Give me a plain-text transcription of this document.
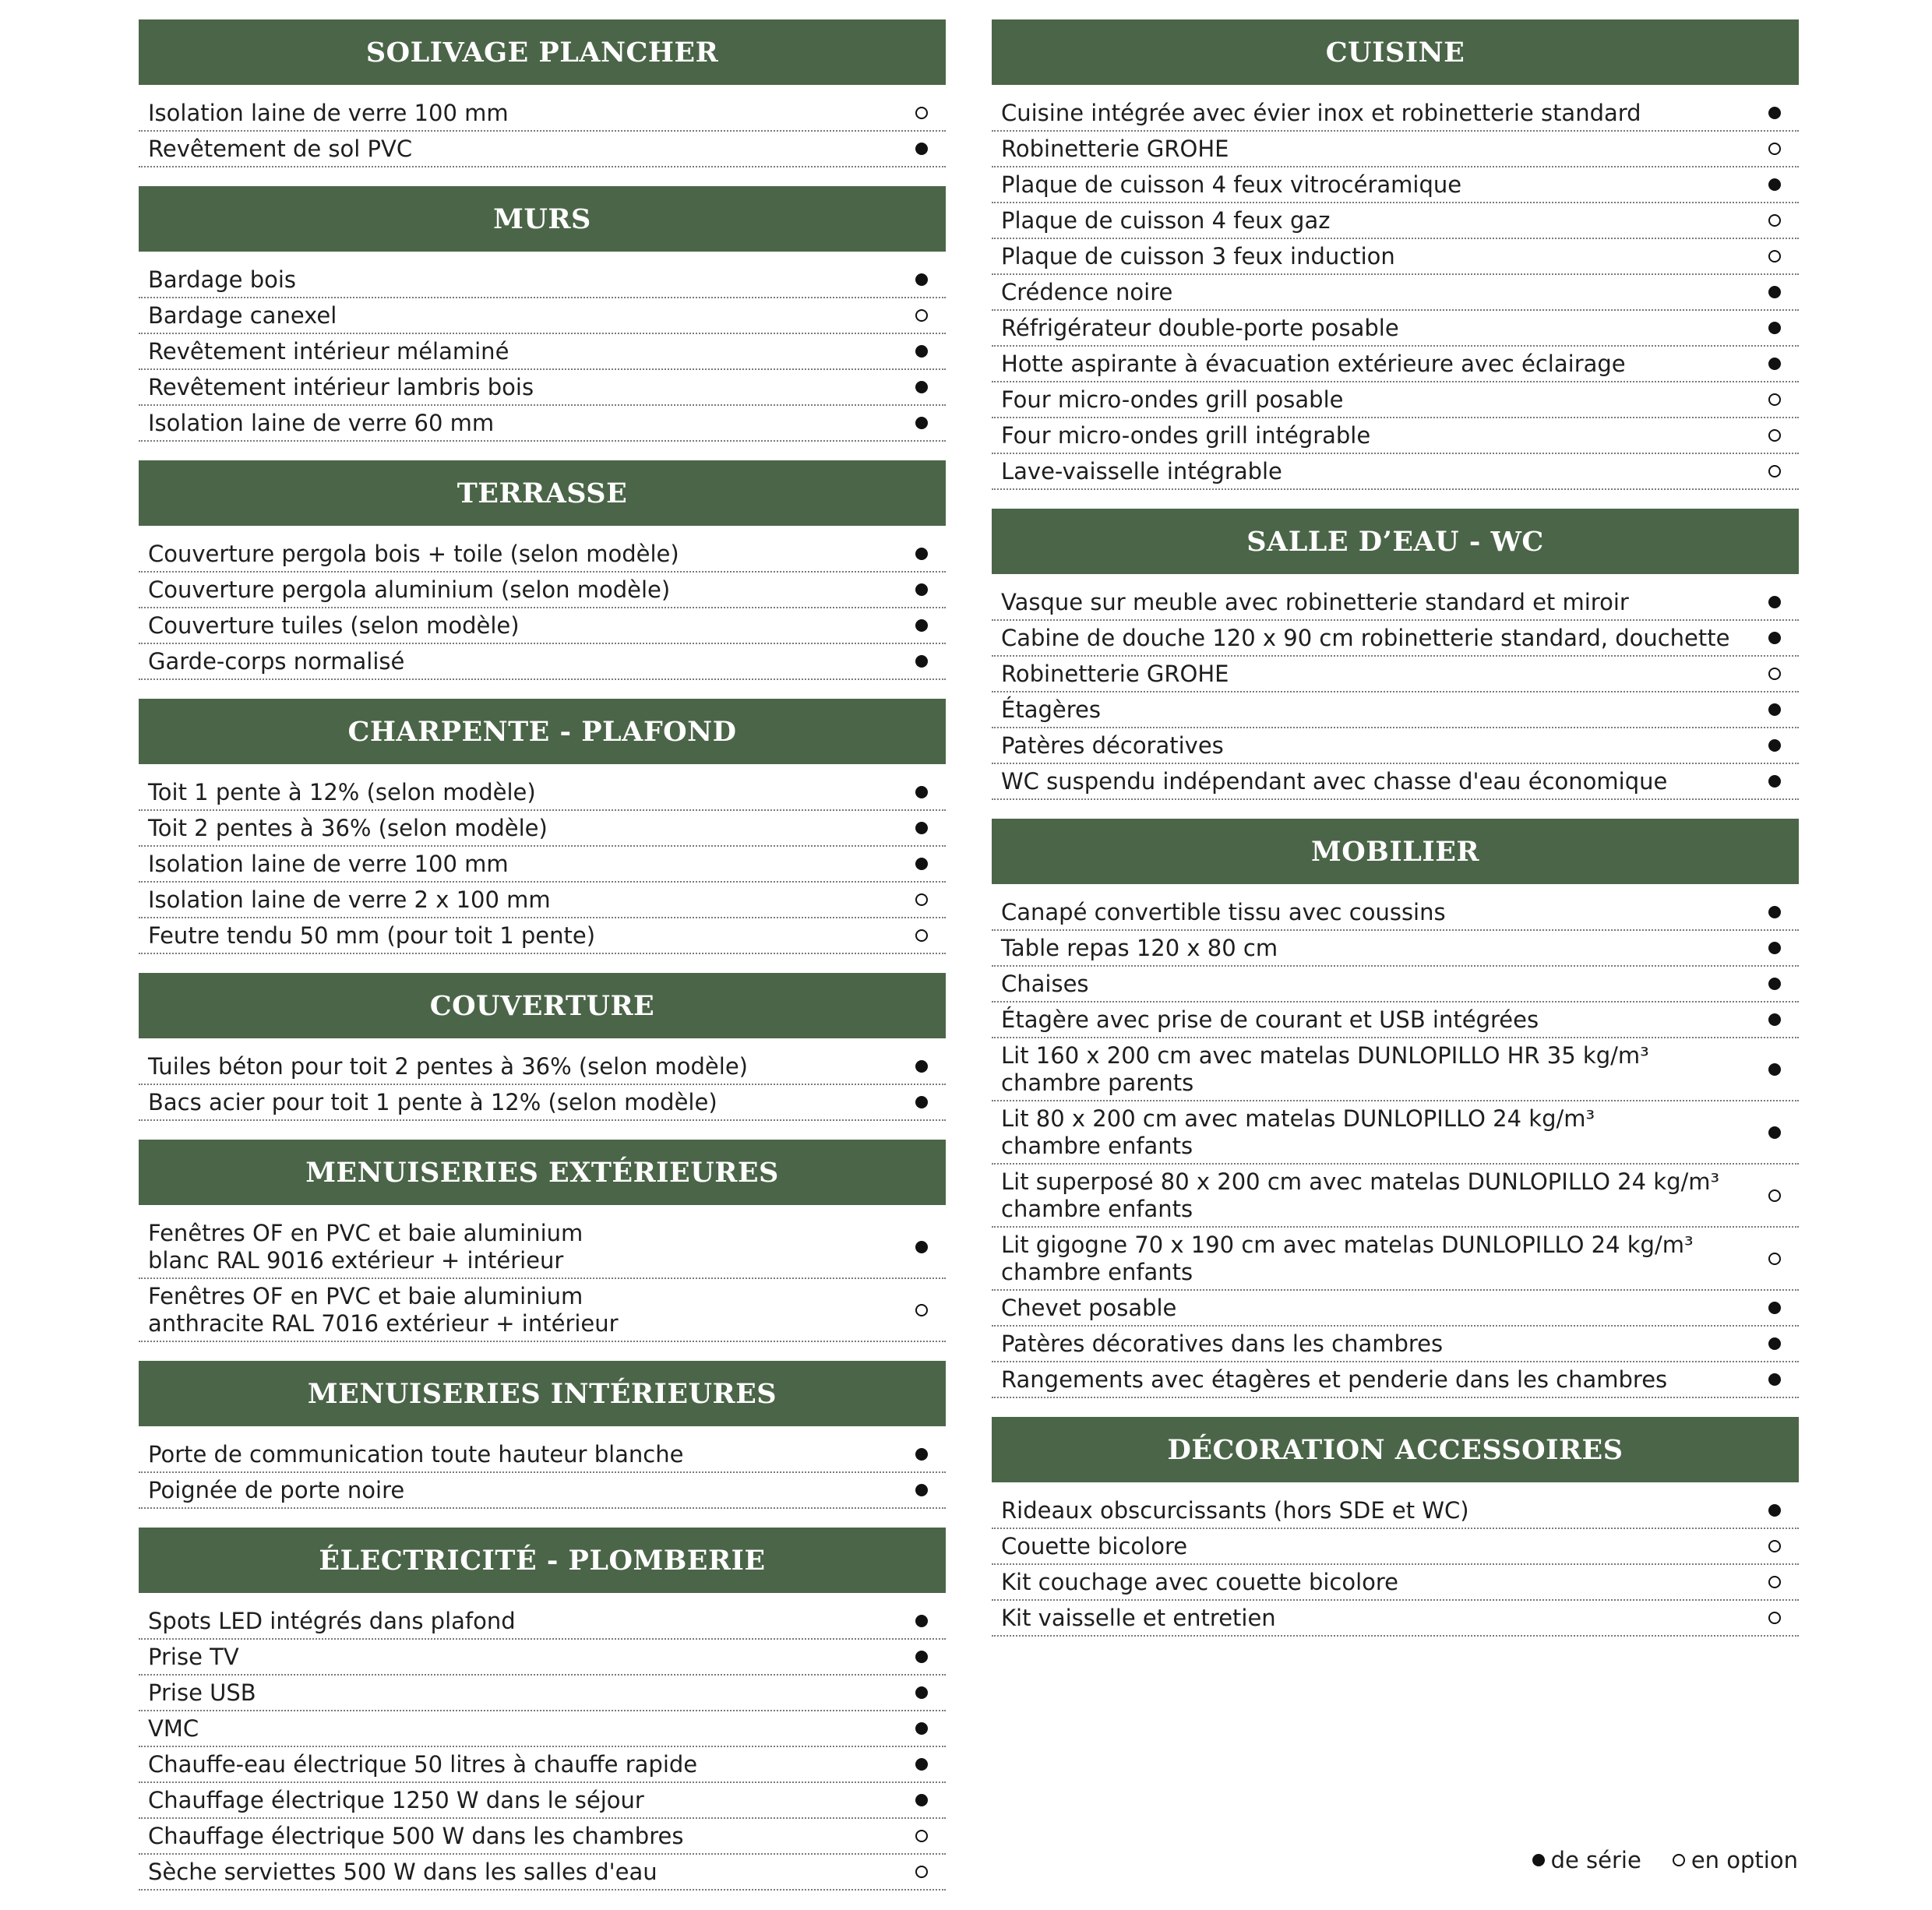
SOLIVAGE PLANCHER
Isolation laine de verre 100 mm
Revêtement de sol PVC
MURS
Bardage bois
Bardage canexel
Revêtement intérieur mélaminé
Revêtement intérieur lambris bois
Isolation laine de verre 60 mm
TERRASSE
Couverture pergola bois + toile (selon modèle)
Couverture pergola aluminium (selon modèle)
Couverture tuiles (selon modèle)
Garde-corps normalisé
CHARPENTE - PLAFOND
Toit 1 pente à 12% (selon modèle)
Toit 2 pentes à 36% (selon modèle)
Isolation laine de verre 100 mm
Isolation laine de verre 2 x 100 mm
Feutre tendu 50 mm (pour toit 1 pente)
COUVERTURE
Tuiles béton pour toit 2 pentes à 36% (selon modèle)
Bacs acier pour toit 1 pente à 12% (selon modèle)
MENUISERIES EXTÉRIEURES
Fenêtres OF en PVC et baie aluminium
blanc RAL 9016 extérieur + intérieur
Fenêtres OF en PVC et baie aluminium
anthracite RAL 7016 extérieur + intérieur
MENUISERIES INTÉRIEURES
Porte de communication toute hauteur blanche
Poignée de porte noire
ÉLECTRICITÉ - PLOMBERIE
Spots LED intégrés dans plafond
Prise TV
Prise USB
VMC
Chauffe-eau électrique 50 litres à chauffe rapide
Chauffage électrique 1250 W dans le séjour
Chauffage électrique 500 W dans les chambres
Sèche serviettes 500 W dans les salles d'eau
CUISINE
Cuisine intégrée avec évier inox et robinetterie standard
Robinetterie GROHE
Plaque de cuisson 4 feux vitrocéramique
Plaque de cuisson 4 feux gaz
Plaque de cuisson 3 feux induction
Crédence noire
Réfrigérateur double-porte posable
Hotte aspirante à évacuation extérieure avec éclairage
Four micro-ondes grill posable
Four micro-ondes grill intégrable
Lave-vaisselle intégrable
SALLE D’EAU - WC
Vasque sur meuble avec robinetterie standard et miroir
Cabine de douche 120 x 90 cm robinetterie standard, douchette
Robinetterie GROHE
Étagères
Patères décoratives
WC suspendu indépendant avec chasse d'eau économique
MOBILIER
Canapé convertible tissu avec coussins
Table repas 120 x 80 cm
Chaises
Étagère avec prise de courant et USB intégrées
Lit 160 x 200 cm avec matelas DUNLOPILLO HR 35 kg/m³
chambre parents
Lit 80 x 200 cm avec matelas DUNLOPILLO 24 kg/m³
chambre enfants
Lit superposé 80 x 200 cm avec matelas DUNLOPILLO 24 kg/m³
chambre enfants
Lit gigogne 70 x 190 cm avec matelas DUNLOPILLO 24 kg/m³
chambre enfants
Chevet posable
Patères décoratives dans les chambres
Rangements avec étagères et penderie dans les chambres
DÉCORATION ACCESSOIRES
Rideaux obscurcissants (hors SDE et WC)
Couette bicolore
Kit couchage avec couette bicolore
Kit vaisselle et entretien
de série en option
